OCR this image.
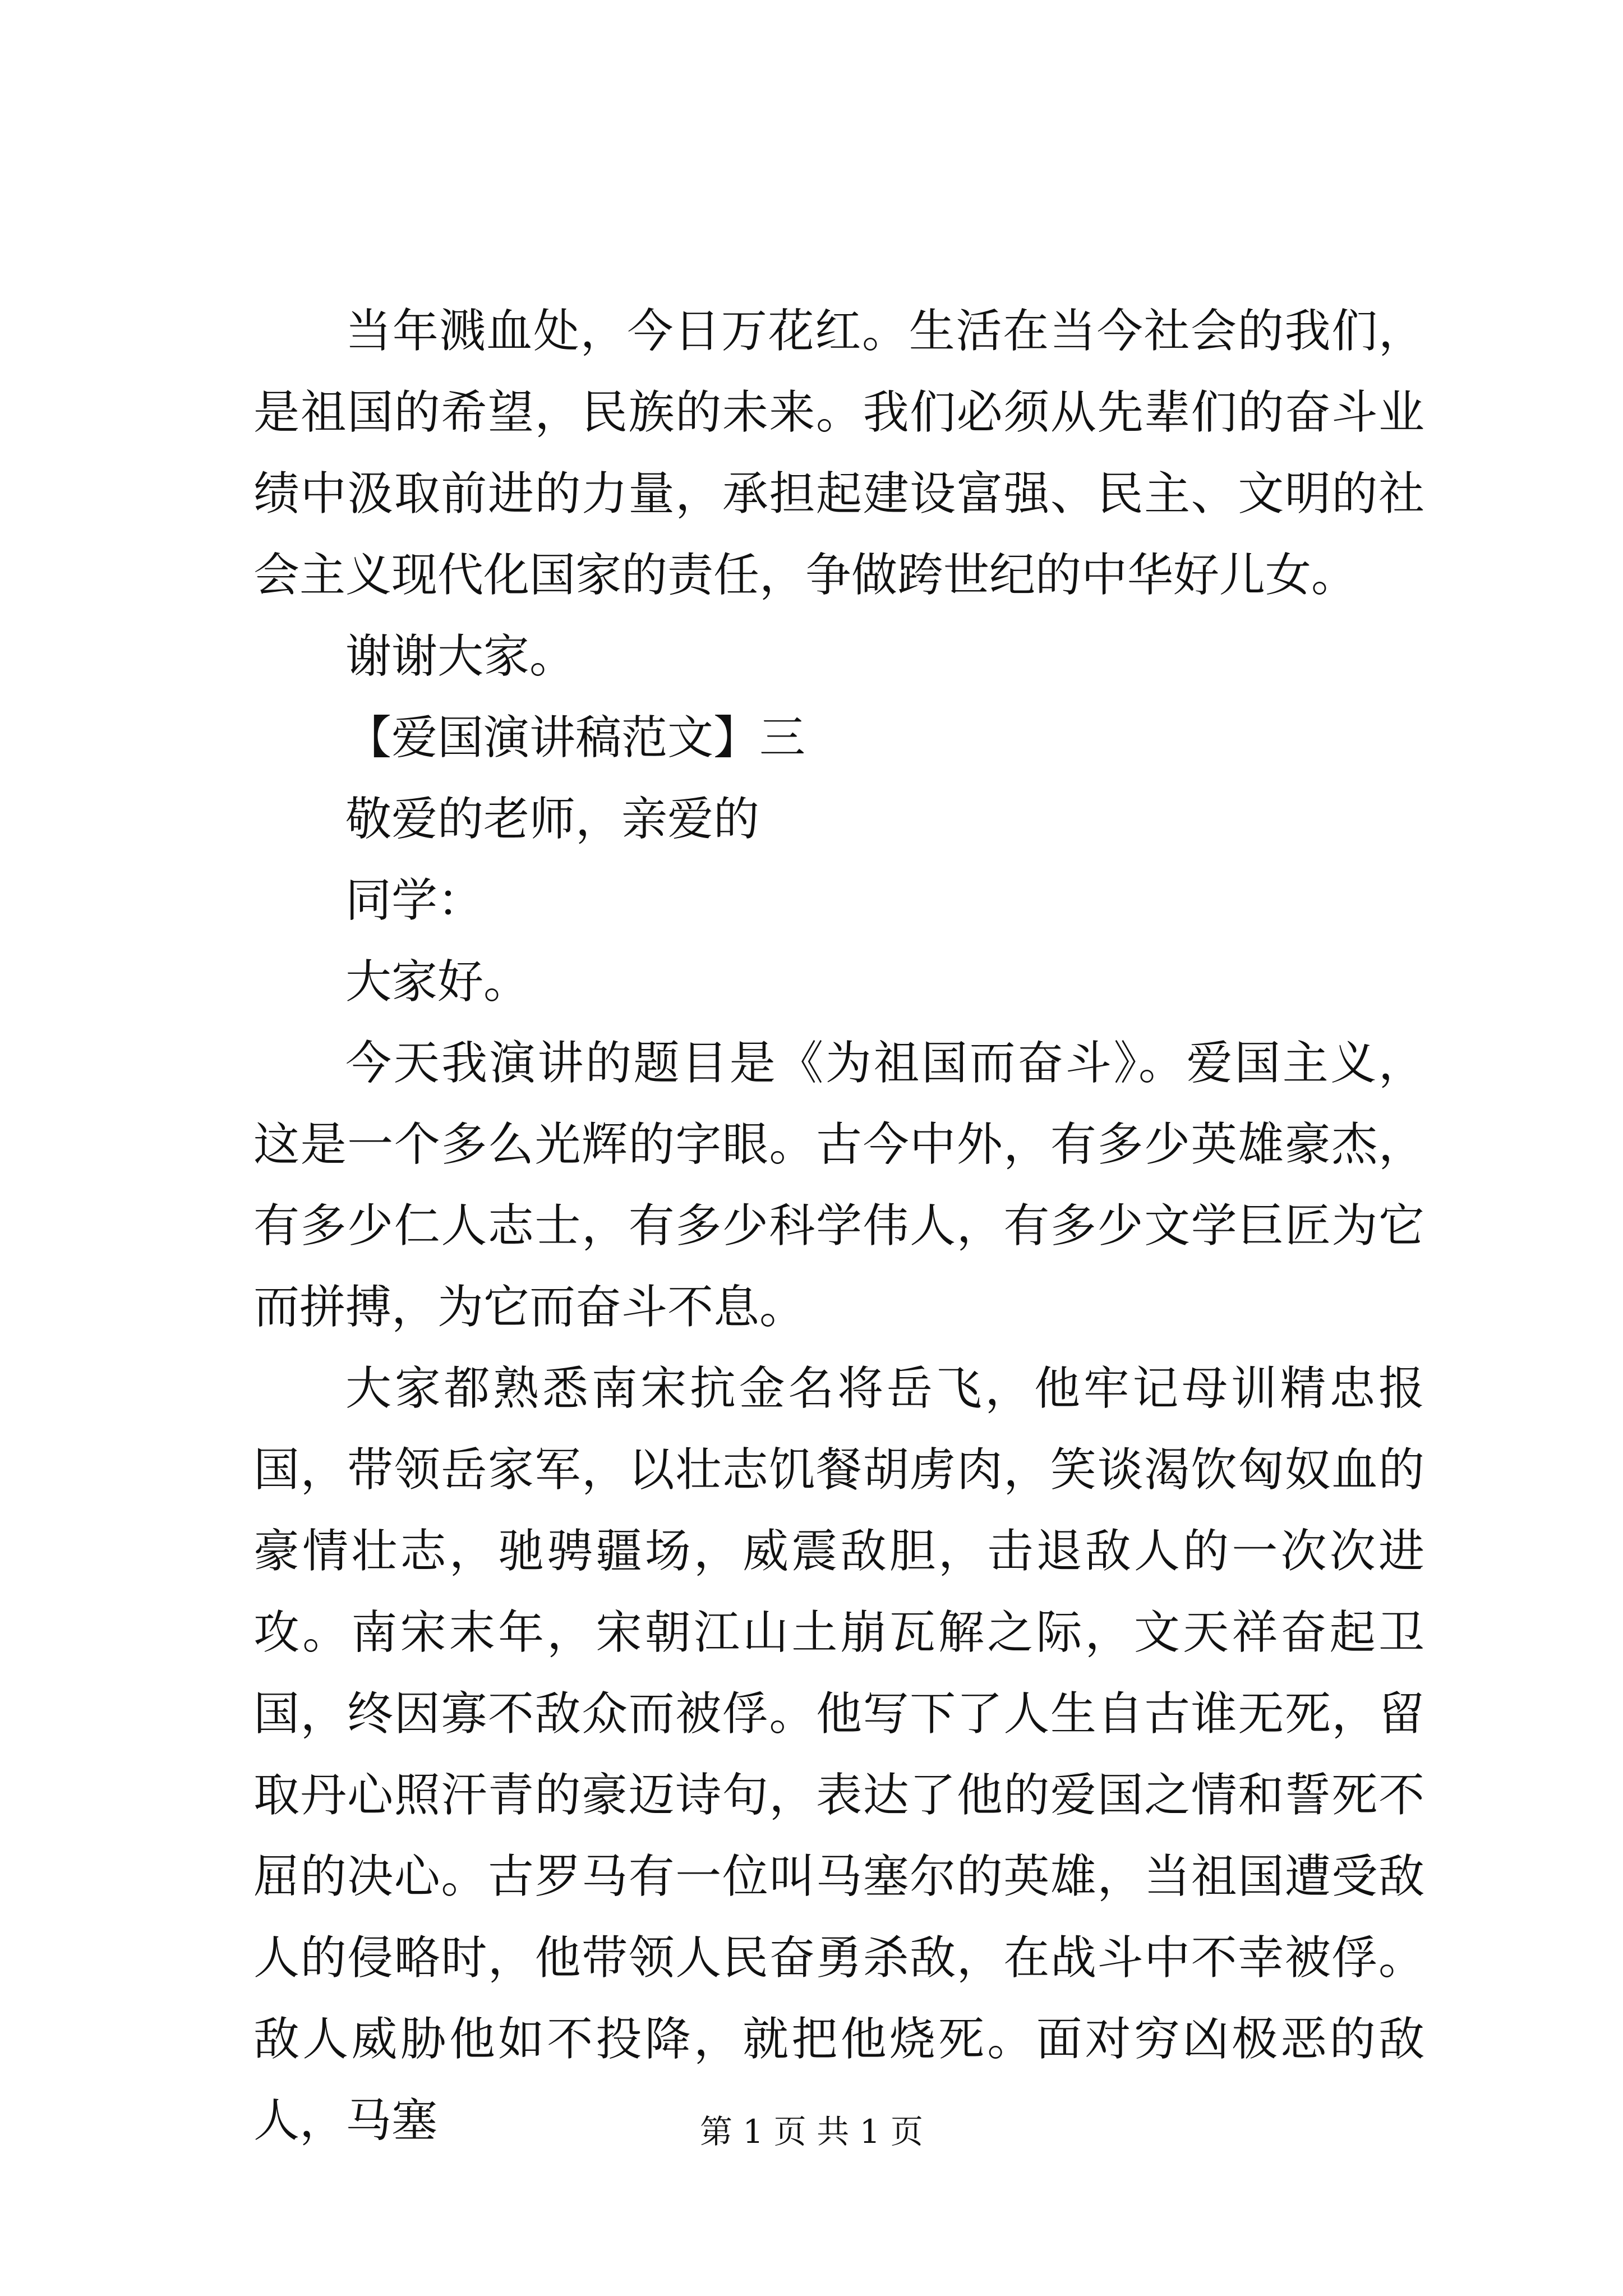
当年溅血处，今日万花红。生活在当今社会的我们，是祖国的希望，民族的未来。我们必须从先辈们的奋斗业绩中汲取前进的力量，承担起建设富强、民主、文明的社会主义现代化国家的责任，争做跨世纪的中华好儿女。

谢谢大家。

【爱国演讲稿范文】三

敬爱的老师，亲爱的

同学：

大家好。

今天我演讲的题目是《为祖国而奋斗》。爱国主义，这是一个多么光辉的字眼。古今中外，有多少英雄豪杰，有多少仁人志士，有多少科学伟人，有多少文学巨匠为它而拼搏，为它而奋斗不息。

大家都熟悉南宋抗金名将岳飞，他牢记母训精忠报国，带领岳家军，以壮志饥餐胡虏肉，笑谈渴饮匈奴血的豪情壮志，驰骋疆场，威震敌胆，击退敌人的一次次进攻。南宋末年，宋朝江山土崩瓦解之际，文天祥奋起卫国，终因寡不敌众而被俘。他写下了人生自古谁无死，留取丹心照汗青的豪迈诗句，表达了他的爱国之情和誓死不屈的决心。古罗马有一位叫马塞尔的英雄，当祖国遭受敌人的侵略时，他带领人民奋勇杀敌，在战斗中不幸被俘。敌人威胁他如不投降，就把他烧死。面对穷凶极恶的敌人，马塞	第 1 页 共 1 页
